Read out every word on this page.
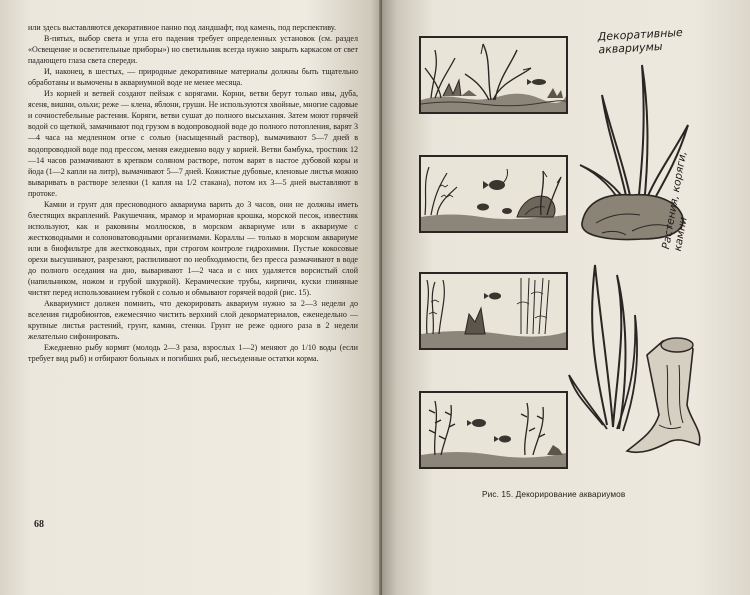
или здесь выставляются декоративное панно под ландшафт, под камень, под перспективу.

В-пятых, выбор света и угла его падения требует определенных установок (см. раздел «Освещение и осветительные приборы») но светильник всегда нужно закрыть каркасом от свет падающего глаза света спереди.

И, наконец, в шестых, — природные декоративные материалы должны быть тщательно обработаны и вымочены в аквариумной воде не менее месяца.

Из корней и ветвей создают пейзаж с корягами. Корни, ветви берут только ивы, дуба, ясеня, вишни, ольхи; реже — клена, яблони, груши. Не используются хвойные, многие садовые и сочностебельные растения. Коряги, ветви сушат до полного высыхания. Затем моют горячей водой со щеткой, замачивают под грузом в водопроводной воде до полного потопления, варят 3—4 часа на медленном огне с солью (насыщенный раствор), вымачивают 5—7 дней в водопроводной воде под прессом, меняя ежедневно воду у корней. Ветви бамбука, тростник 12—14 часов размачивают в крепком соляном растворе, потом варят в настое дубовой коры и йода (1—2 капли на литр), вымачивают 5—7 дней. Кожистые дубовые, кленовые листья можно вываривать в растворе зеленки (1 капля на 1/2 стакана), потом их 3—5 дней выставляют в протоке.

Камни и грунт для пресноводного аквариума варить до 3 часов, они не должны иметь блестящих вкраплений. Ракушечник, мрамор и мраморная крошка, морской песок, известняк используют, как и раковины моллюсков, в морском аквариуме или в аквариуме с жестководными и солоноватоводными организмами. Кораллы — только в морском аквариуме или в биофильтре для жестководных, при строгом контроле гидрохимии. Пустые кокосовые орехи высушивают, разрезают, распиливают по необходимости, без пресса размачивают в воде до полного оседания на дно, вываривают 1—2 часа и с них удаляется ворсистый слой (напильником, ножом и грубой шкуркой). Керамические трубы, кирпичи, куски глиняные чистят перед использованием губкой с солью и обмывают горячей водой (рис. 15).

Аквариумист должен помнить, что декорировать аквариум нужно за 2—3 недели до вселения гидробионтов, ежемесячно чистить верхний слой декорматериалов, еженедельно — крупные листья растений, грунт, камни, стенки. Грунт не реже одного раза в 2 недели желательно сифонировать.

Ежедневно рыбу кормят (молодь 2—3 раза, взрослых 1—2) меняют до 1/10 воды (если требует вид рыб) и отбирают больных и погибших рыб, несъеденные остатки корма.

68
Декоративные аквариумы
Растения, коряги, камни
Рис. 15. Декорирование аквариумов
